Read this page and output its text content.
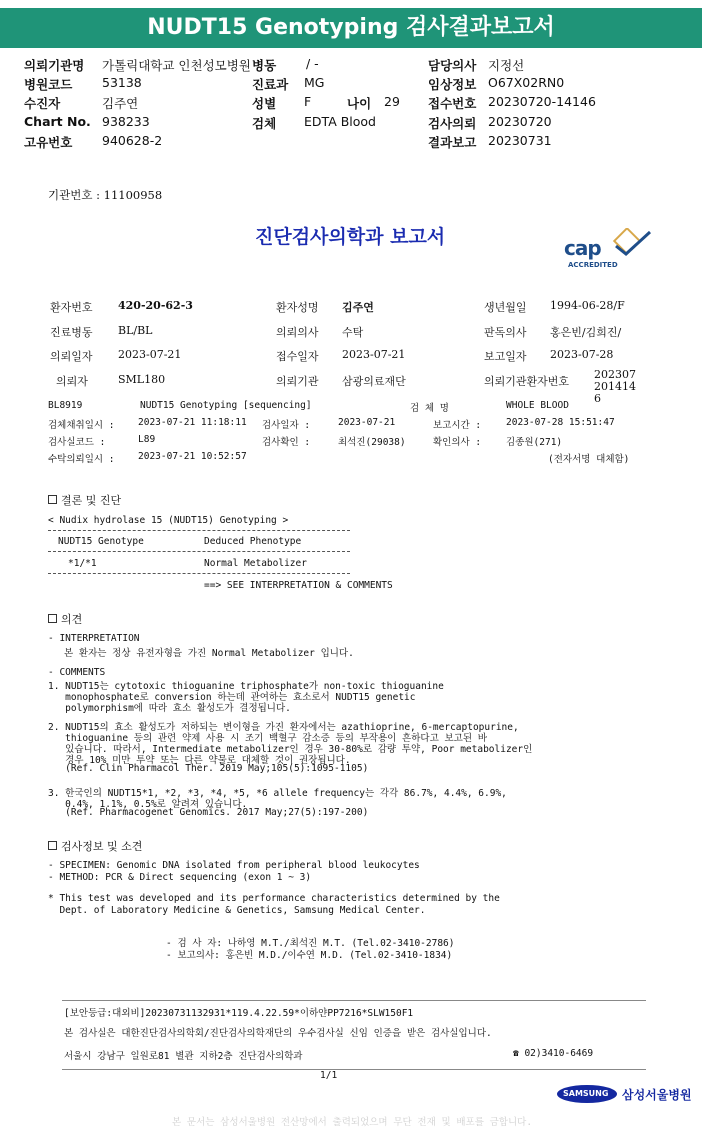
NUDT15 Genotyping 검사결과보고서
의뢰기관명 가톨릭대학교 인천성모병원
병원코드 53138
수진자	김주연
Chart No. 938233
고유번호 940628-2
병동 / -
진료과 MG
성별 F	나이 29
검체 EDTA Blood
담당의사 지정선
임상정보 O67X02RN0
접수번호 20230720-14146
검사의뢰 20230720
결과보고 20230731
기관번호 : 11100958
진단검사의학과 보고서	cap
ACCREDITED
환자번호 420-20-62-3	환자성명 김주연	생년월일 1994-06-28/F
진료병동 BL/BL	의뢰의사 수탁	판독의사 홍은빈/김희진/
의뢰일자 2023-07-21	접수일자 2023-07-21	보고일자 2023-07-28
의뢰자	SML180	의뢰기관 삼광의료재단	의뢰기관환자번호
2023072014146
BL8919	NUDT15 Genotyping [sequencing]	검 체 명	WHOLE BLOOD
검체채취일시 : 2023-07-21 11:18:11 검사일자 :	2023-07-21	보고시간 :	2023-07-28 15:51:47
검사실코드 :	L89	검사확인 :	최석진(29038)	확인의사 :	김종원(271)
수탁의뢰일시 : 2023-07-21 10:52:57	(전자서명 대체함)
결론 및 진단
< Nudix hydrolase 15 (NUDT15) Genotyping >
NUDT15 Genotype	Deduced Phenotype
*1/*1	Normal Metabolizer
==> SEE INTERPRETATION & COMMENTS
의견
- INTERPRETATION
본 환자는 정상 유전자형을 가진 Normal Metabolizer 입니다.
- COMMENTS
1. NUDT15는 cytotoxic thioguanine triphosphate가 non-toxic thioguanine
monophosphate로 conversion 하는데 관여하는 효소로서 NUDT15 genetic
polymorphism에 따라 효소 활성도가 결정됩니다.
2. NUDT15의 효소 활성도가 저하되는 변이형을 가진 환자에서는 azathioprine, 6-mercaptopurine,
thioguanine 등의 관련 약제 사용 시 조기 백혈구 감소증 등의 부작용이 흔하다고 보고된 바
있습니다. 따라서, Intermediate metabolizer인 경우 30-80%로 감량 투약, Poor metabolizer인
경우 10% 미만 투약 또는 다른 약물로 대체할 것이 권장됩니다.
(Ref. Clin Pharmacol Ther. 2019 May;105(5):1095-1105)
3. 한국인의 NUDT15*1, *2, *3, *4, *5, *6 allele frequency는 각각 86.7%, 4.4%, 6.9%,
0.4%, 1.1%, 0.5%로 알려져 있습니다.
(Ref. Pharmacogenet Genomics. 2017 May;27(5):197-200)
검사정보 및 소견
- SPECIMEN: Genomic DNA isolated from peripheral blood leukocytes
- METHOD: PCR & Direct sequencing (exon 1 ~ 3)
* This test was developed and its performance characteristics determined by the
Dept. of Laboratory Medicine & Genetics, Samsung Medical Center.
- 검 사 자: 나하영 M.T./최석진 M.T. (Tel.02-3410-2786)
- 보고의사: 홍은빈 M.D./이수연 M.D. (Tel.02-3410-1834)
[보안등급:대외비]20230731132931*119.4.22.59*이하얀PP7216*SLW150F1
본 검사실은 대한진단검사의학회/진단검사의학재단의 우수검사실 신임 인증을 받은 검사실입니다.
서울시 강남구 일원로81 별관 지하2층 진단검사의학과	☎ 02)3410-6469
1/1
SAMSUNG 삼성서울병원
본 문서는 삼성서울병원 전산망에서 출력되었으며 무단 전재 및 배포를 금합니다.
